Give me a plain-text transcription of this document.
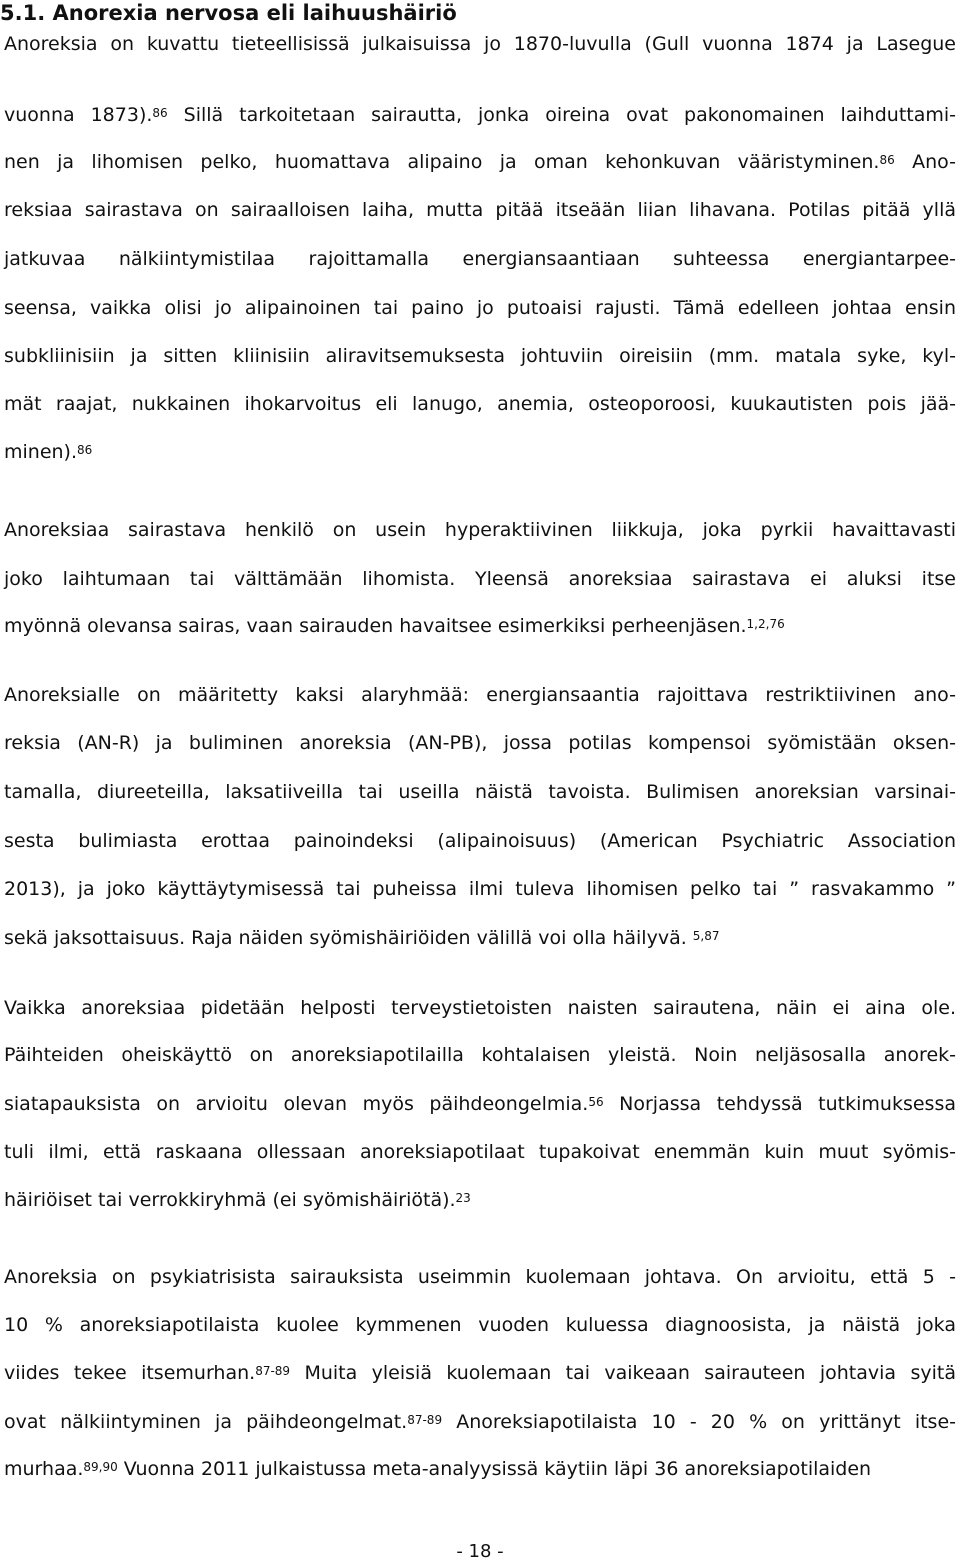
5.1. Anorexia nervosa eli laihuushäiriö

Anoreksia on kuvattu tieteellisissä julkaisuissa jo 1870-luvulla (Gull vuonna 1874 ja Lasegue

vuonna 1873).$^{86}$ Sillä tarkoitetaan sairautta, jonka oireina ovat pakonomainen laihduttami-

nen ja lihomisen pelko, huomattava alipaino ja oman kehonkuvan vääristyminen.$^{86}$ Ano-

reksiaa sairastava on sairaalloisen laiha, mutta pitää itseään liian lihavana. Potilas pitää yllä

jatkuvaa nälkiintymistilaa rajoittamalla energiansaantiaan suhteessa energiantarpee-

seensa, vaikka olisi jo alipainoinen tai paino jo putoaisi rajusti. Tämä edelleen johtaa ensin

subkliinisiin ja sitten kliinisiin aliravitsemuksesta johtuviin oireisiin (mm. matala syke, kyl-

mät raajat, nukkainen ihokarvoitus eli lanugo, anemia, osteoporoosi, kuukautisten pois jää-

minen).$^{86}$

Anoreksiaa sairastava henkilö on usein hyperaktiivinen liikkuja, joka pyrkii havaittavasti

joko laihtumaan tai välttämään lihomista. Yleensä anoreksiaa sairastava ei aluksi itse

myönnä olevansa sairas, vaan sairauden havaitsee esimerkiksi perheenjäsen.$^{1,2,76}$

Anoreksialle on määritetty kaksi alaryhmää: energiansaantia rajoittava restriktiivinen ano-

reksia (AN-R) ja buliminen anoreksia (AN-PB), jossa potilas kompensoi syömistään oksen-

tamalla, diureeteilla, laksatiiveilla tai useilla näistä tavoista. Bulimisen anoreksian varsinai-

sesta bulimiasta erottaa painoindeksi (alipainoisuus) (American Psychiatric Association

2013), ja joko käyttäytymisessä tai puheissa ilmi tuleva lihomisen pelko tai ” rasvakammo ”

sekä jaksottaisuus. Raja näiden syömishäiriöiden välillä voi olla häilyvä. $^{5,87}$

Vaikka anoreksiaa pidetään helposti terveystietoisten naisten sairautena, näin ei aina ole.

Päihteiden oheiskäyttö on anoreksiapotilailla kohtalaisen yleistä. Noin neljäsosalla anorek-

siatapauksista on arvioitu olevan myös päihdeongelmia.$^{56}$ Norjassa tehdyssä tutkimuksessa

tuli ilmi, että raskaana ollessaan anoreksiapotilaat tupakoivat enemmän kuin muut syömis-

häiriöiset tai verrokkiryhmä (ei syömishäiriötä).$^{23}$

Anoreksia on psykiatrisista sairauksista useimmin kuolemaan johtava. On arvioitu, että 5 -

10 % anoreksiapotilaista kuolee kymmenen vuoden kuluessa diagnoosista, ja näistä joka

viides tekee itsemurhan.$^{87-89}$ Muita yleisiä kuolemaan tai vaikeaan sairauteen johtavia syitä

ovat nälkiintyminen ja päihdeongelmat.$^{87-89}$ Anoreksiapotilaista 10 - 20 % on yrittänyt itse-

murhaa.$^{89,90}$ Vuonna 2011 julkaistussa meta-analyysissä käytiin läpi 36 anoreksiapotilaiden

- 18 -
